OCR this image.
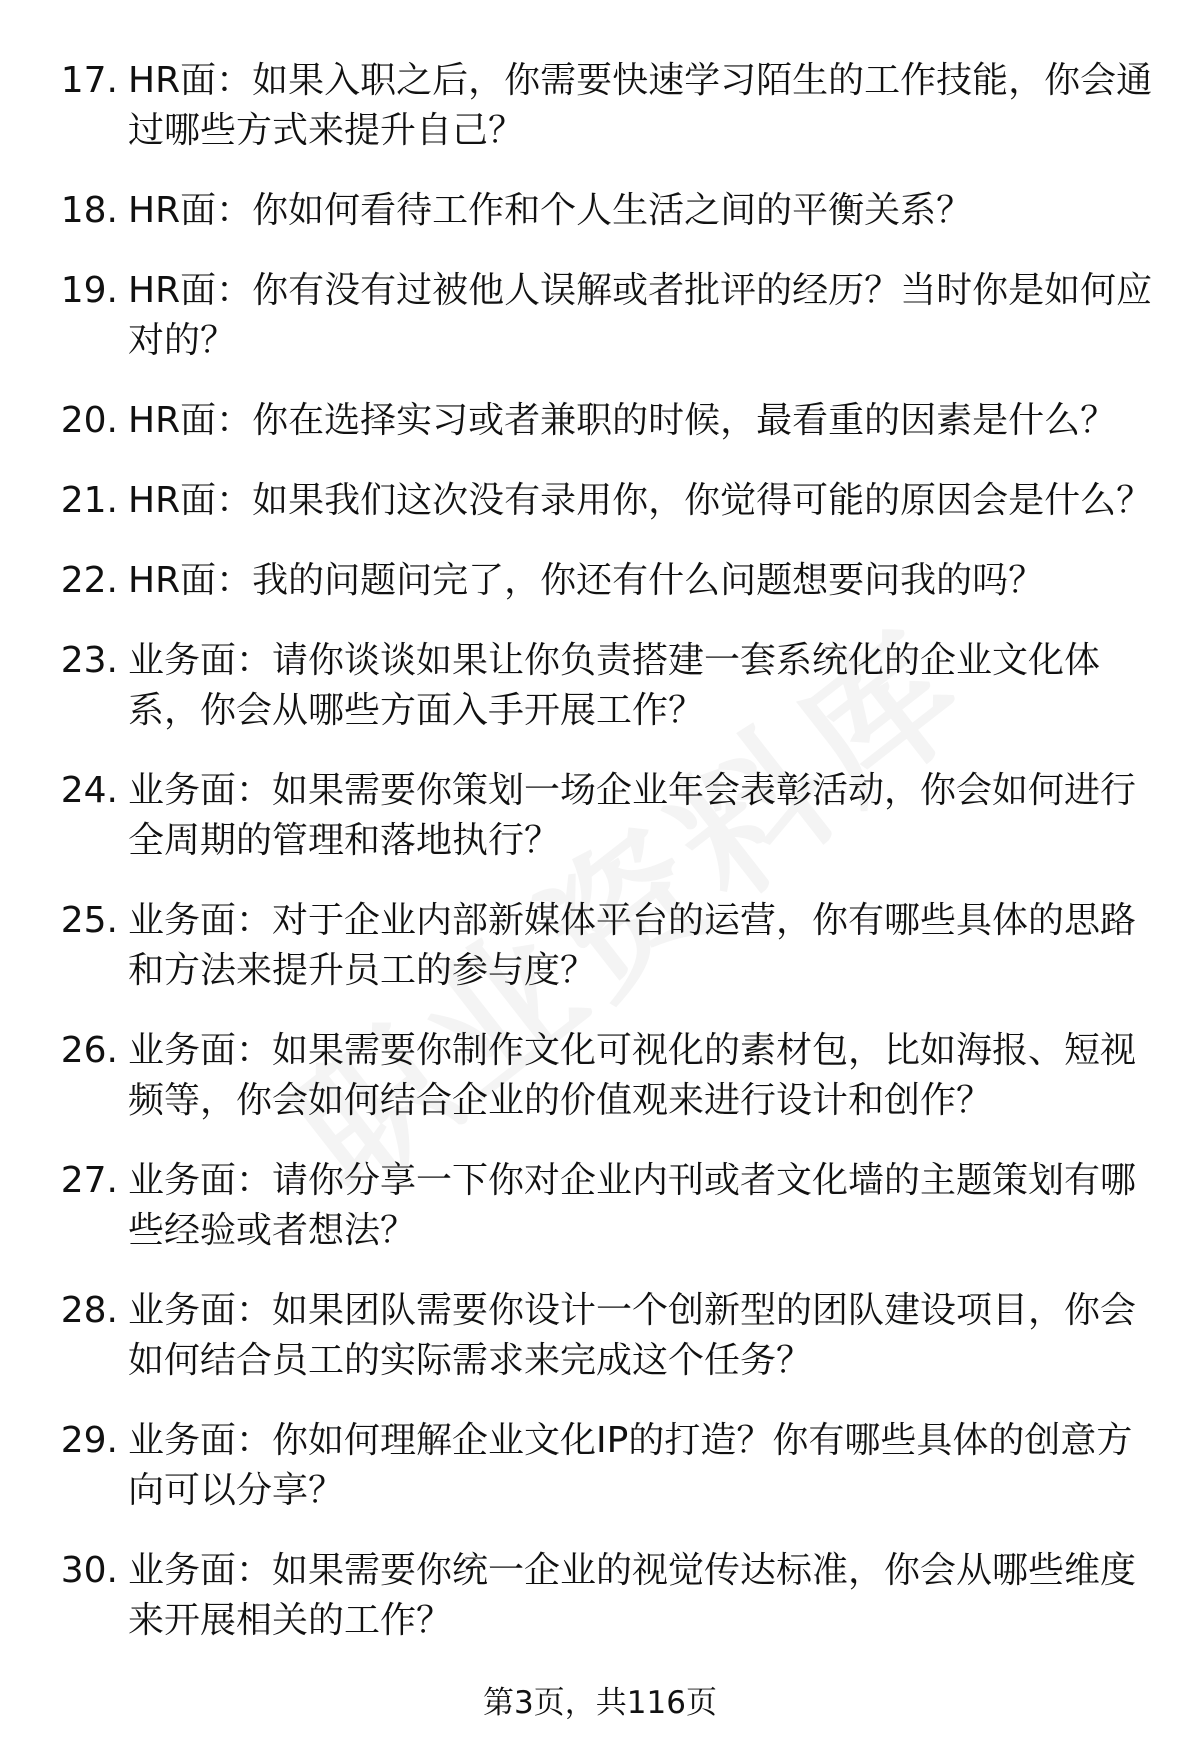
17. HR面：如果入职之后，你需要快速学习陌生的工作技能，你会通过哪些方式来提升自己？
18. HR面：你如何看待工作和个人生活之间的平衡关系？
19. HR面：你有没有过被他人误解或者批评的经历？当时你是如何应对的？
20. HR面：你在选择实习或者兼职的时候，最看重的因素是什么？
21. HR面：如果我们这次没有录用你，你觉得可能的原因会是什么？
22. HR面：我的问题问完了，你还有什么问题想要问我的吗？
23. 业务面：请你谈谈如果让你负责搭建一套系统化的企业文化体系，你会从哪些方面入手开展工作？
24. 业务面：如果需要你策划一场企业年会表彰活动，你会如何进行全周期的管理和落地执行？
25. 业务面：对于企业内部新媒体平台的运营，你有哪些具体的思路和方法来提升员工的参与度？
26. 业务面：如果需要你制作文化可视化的素材包，比如海报、短视频等，你会如何结合企业的价值观来进行设计和创作？
27. 业务面：请你分享一下你对企业内刊或者文化墙的主题策划有哪些经验或者想法？
28. 业务面：如果团队需要你设计一个创新型的团队建设项目，你会如何结合员工的实际需求来完成这个任务？
29. 业务面：你如何理解企业文化IP的打造？你有哪些具体的创意方向可以分享？
30. 业务面：如果需要你统一企业的视觉传达标准，你会从哪些维度来开展相关的工作？
第3页，共116页
